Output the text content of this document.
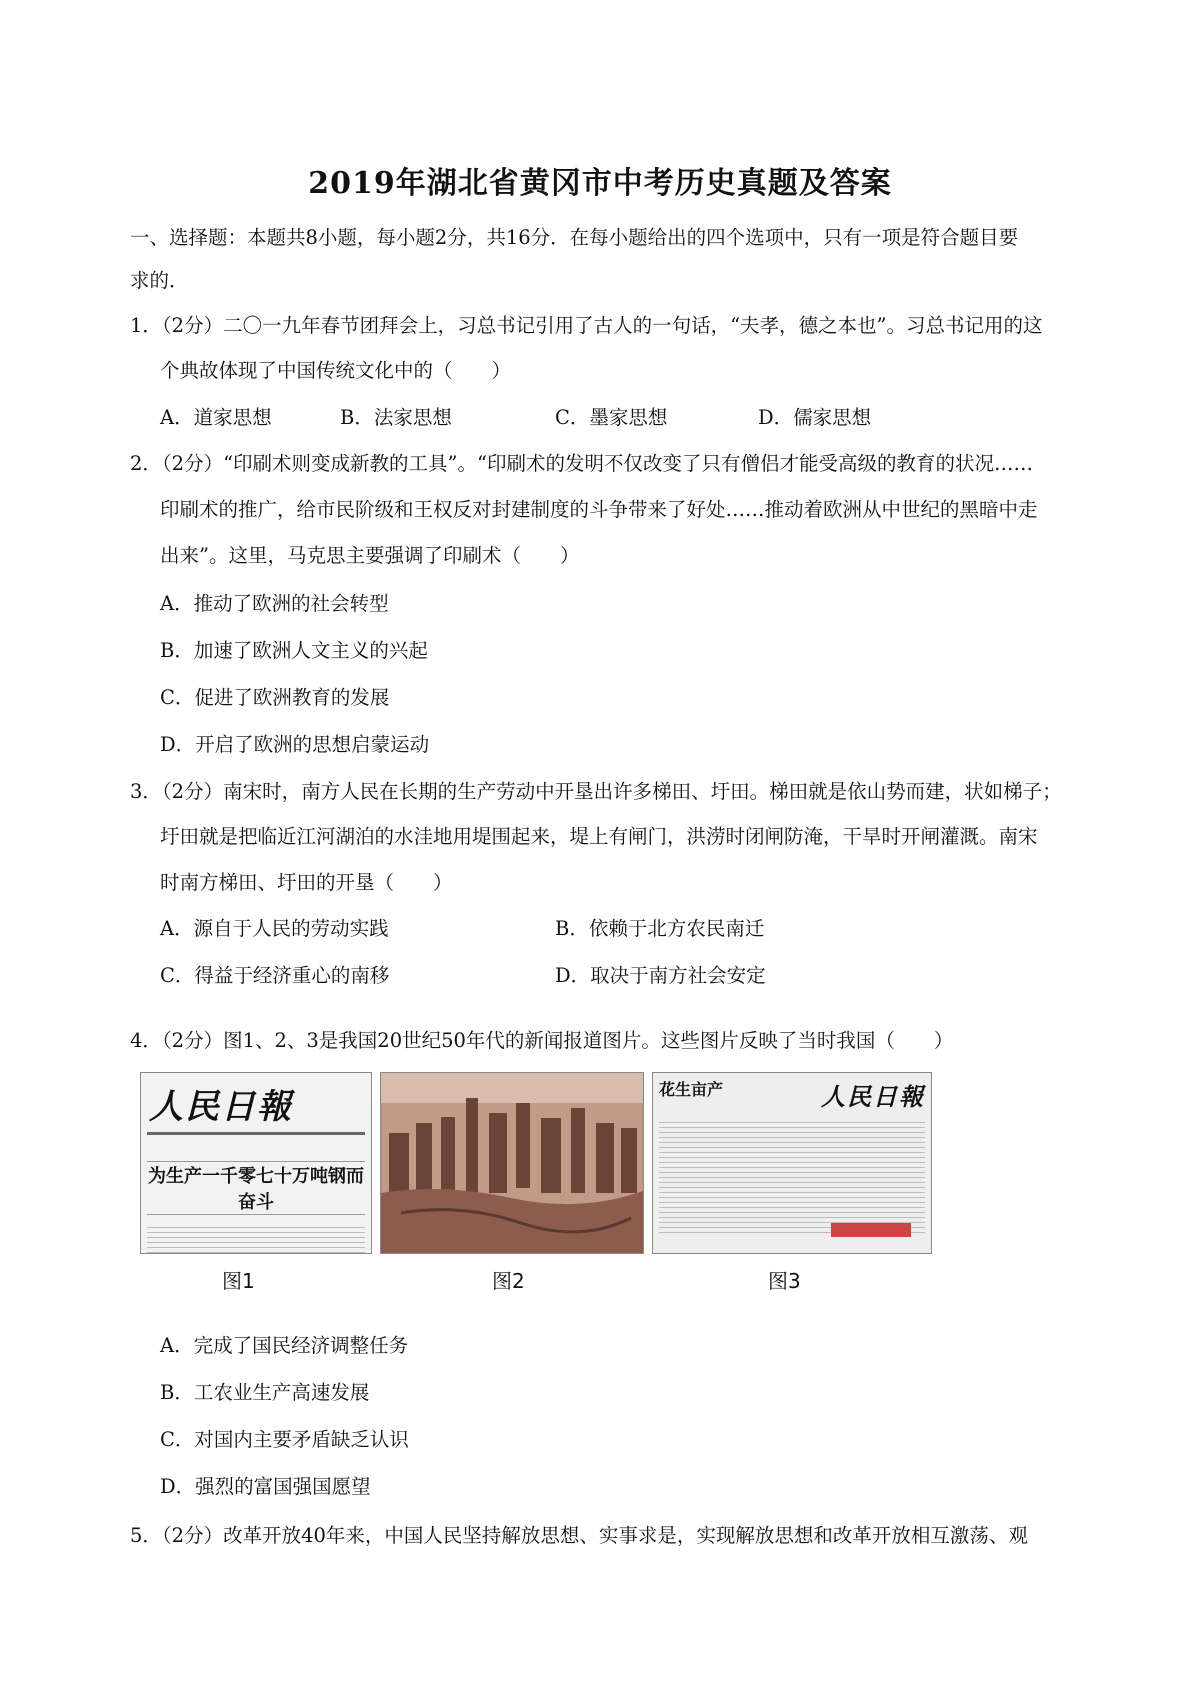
2019年湖北省黄冈市中考历史真题及答案
一、选择题：本题共8小题，每小题2分，共16分．在每小题给出的四个选项中，只有一项是符合题目要
求的．
1．（2分）二〇一九年春节团拜会上，习总书记引用了古人的一句话，“夫孝，德之本也”。习总书记用的这
个典故体现了中国传统文化中的（　　）
A．道家思想	B．法家思想	C．墨家思想	D．儒家思想
2．（2分）“印刷术则变成新教的工具”。“印刷术的发明不仅改变了只有僧侣才能受高级的教育的状况……
印刷术的推广，给市民阶级和王权反对封建制度的斗争带来了好处……推动着欧洲从中世纪的黑暗中走
出来”。这里，马克思主要强调了印刷术（　　）
A．推动了欧洲的社会转型
B．加速了欧洲人文主义的兴起
C．促进了欧洲教育的发展
D．开启了欧洲的思想启蒙运动
3．（2分）南宋时，南方人民在长期的生产劳动中开垦出许多梯田、圩田。梯田就是依山势而建，状如梯子；
圩田就是把临近江河湖泊的水洼地用堤围起来，堤上有闸门，洪涝时闭闸防淹，干旱时开闸灌溉。南宋
时南方梯田、圩田的开垦（　　）
A．源自于人民的劳动实践	B．依赖于北方农民南迁
C．得益于经济重心的南移	D．取决于南方社会安定
4．（2分）图1、2、3是我国20世纪50年代的新闻报道图片。这些图片反映了当时我国（　　）
人民日報
为生产一千零七十万吨钢而奋斗
花生亩产	人民日報
图1	图2	图3
A．完成了国民经济调整任务
B．工农业生产高速发展
C．对国内主要矛盾缺乏认识
D．强烈的富国强国愿望
5．（2分）改革开放40年来，中国人民坚持解放思想、实事求是，实现解放思想和改革开放相互激荡、观
